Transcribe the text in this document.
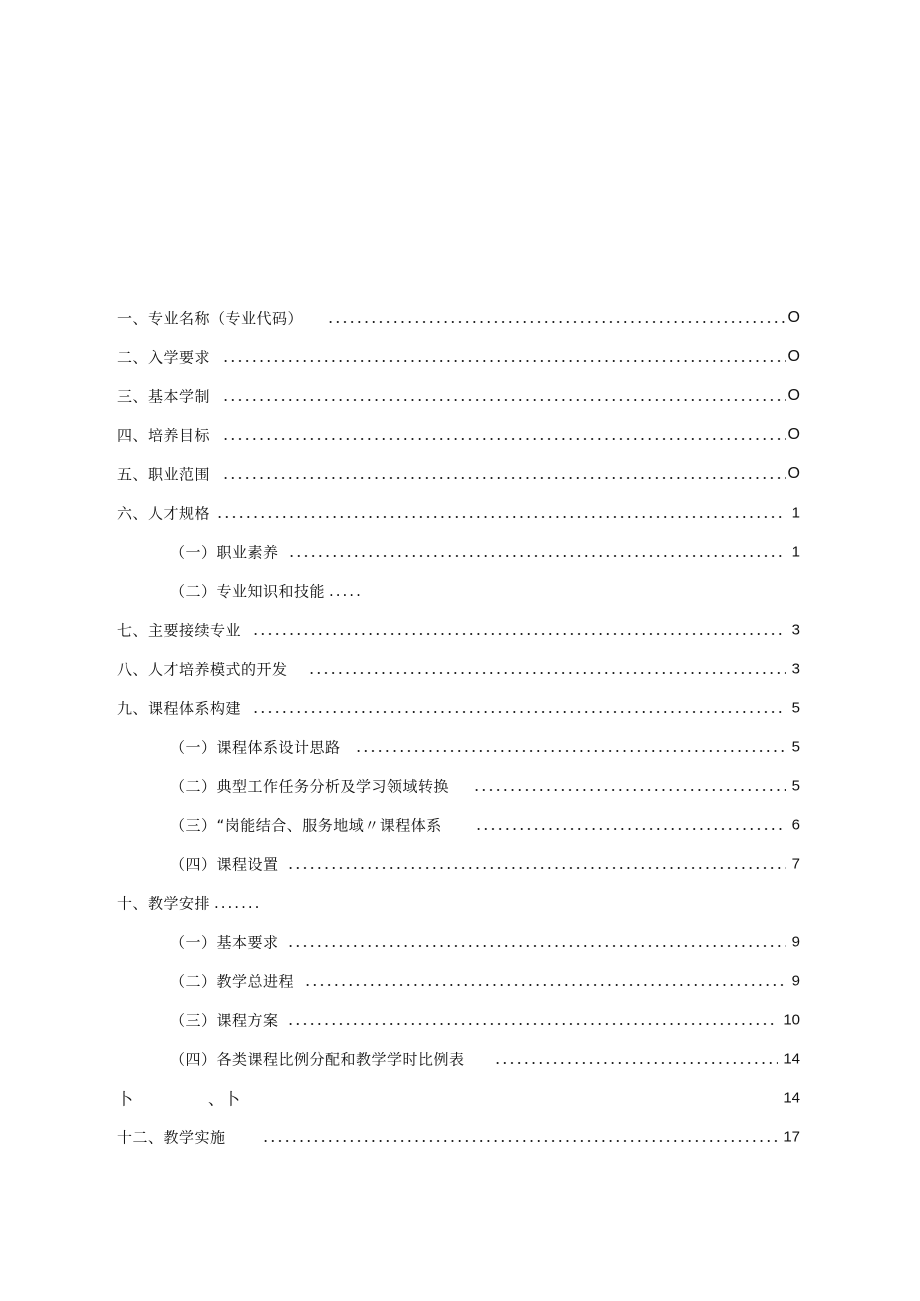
一、专业名称（专业代码）	O
二、入学要求	O
三、基本学制	O
四、培养目标	O
五、职业范围	O
六、人才规格	1
（一）职业素养	1
（二）专业知识和技能 .....
七、主要接续专业	3
八、人才培养模式的开发	3
九、课程体系构建	5
（一）课程体系设计思路	5
（二）典型工作任务分析及学习领域转换	5
（三）“岗能结合、服务地域〃课程体系	6
（四）课程设置	7
十、教学安排 .......
（一）基本要求	9
（二）教学总进程	9
（三）课程方案	10
（四）各类课程比例分配和教学学时比例表	14
卜	、卜	14
十二、教学实施	17
